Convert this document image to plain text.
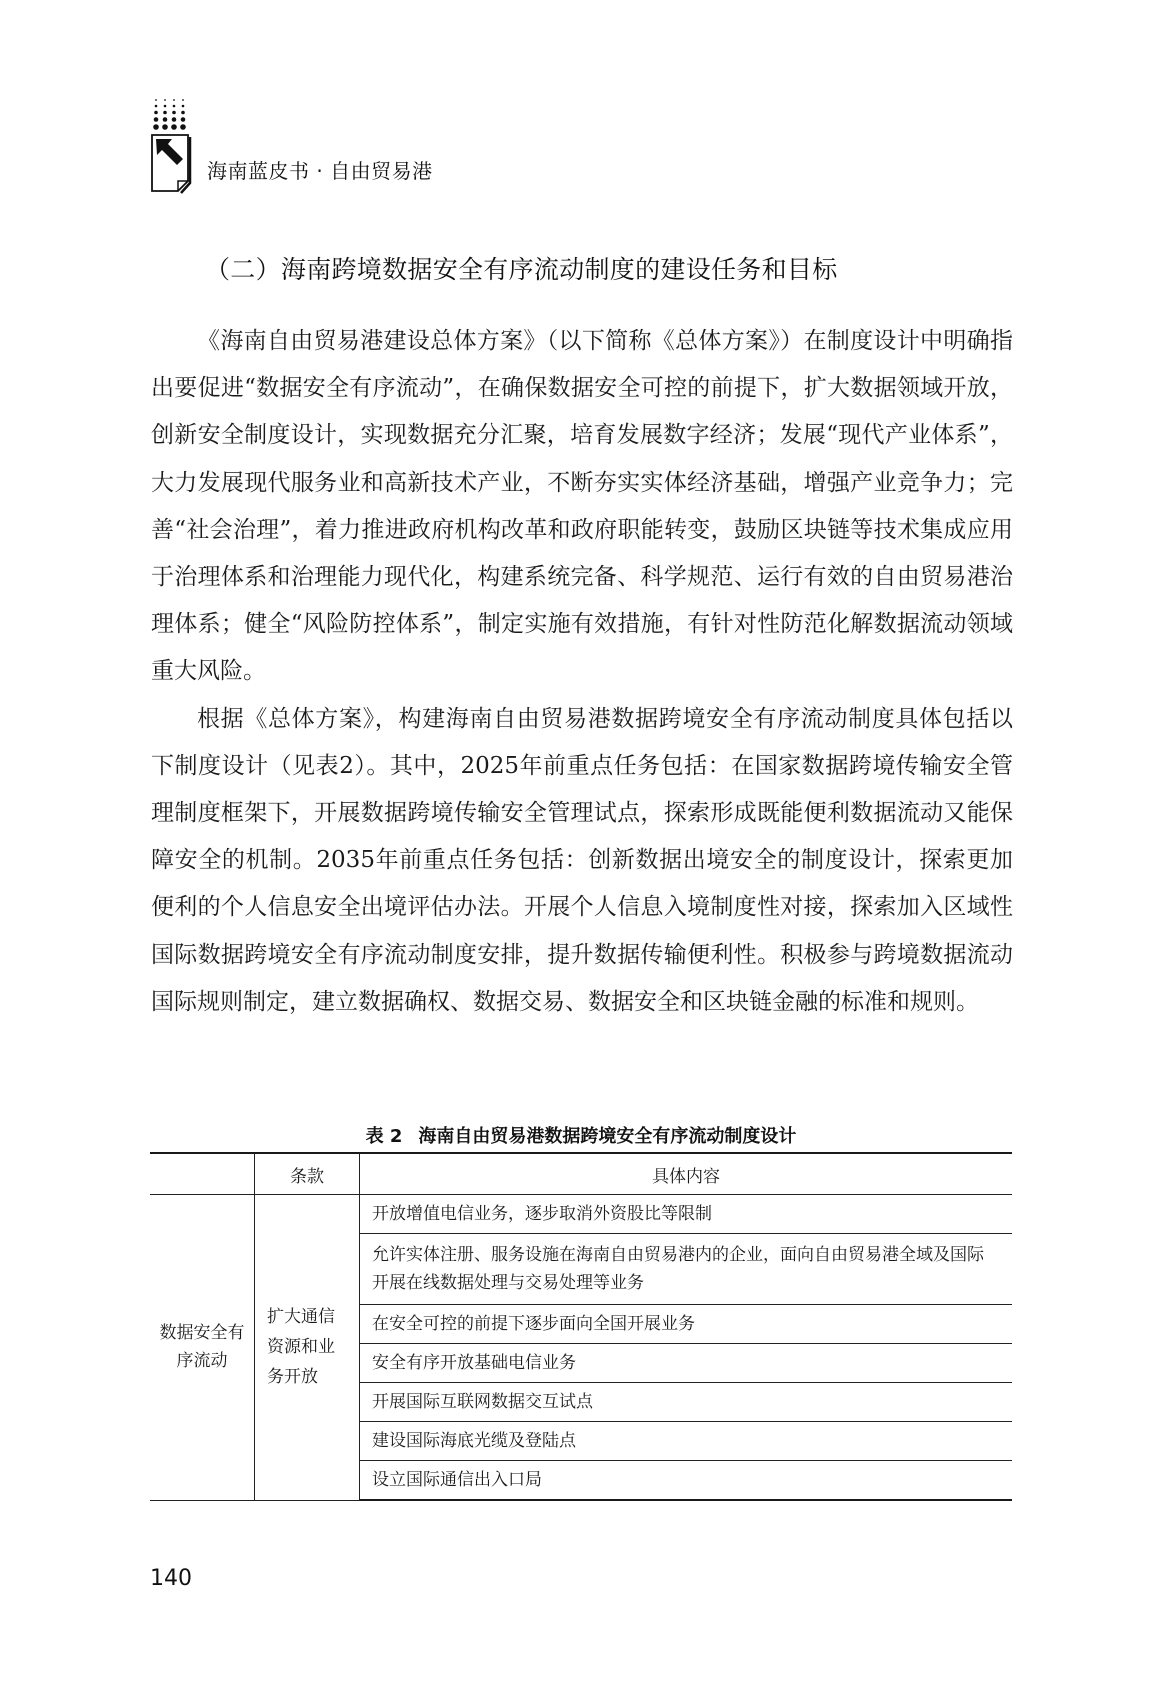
海南蓝皮书 · 自由贸易港
（二）海南跨境数据安全有序流动制度的建设任务和目标

《海南自由贸易港建设总体方案》（以下简称《总体方案》）在制度设计中明确指出要促进“数据安全有序流动”，在确保数据安全可控的前提下，扩大数据领域开放，创新安全制度设计，实现数据充分汇聚，培育发展数字经济；发展“现代产业体系”，大力发展现代服务业和高新技术产业，不断夯实实体经济基础，增强产业竞争力；完善“社会治理”，着力推进政府机构改革和政府职能转变，鼓励区块链等技术集成应用于治理体系和治理能力现代化，构建系统完备、科学规范、运行有效的自由贸易港治理体系；健全“风险防控体系”，制定实施有效措施，有针对性防范化解数据流动领域重大风险。

根据《总体方案》，构建海南自由贸易港数据跨境安全有序流动制度具体包括以下制度设计（见表2）。其中，2025年前重点任务包括：在国家数据跨境传输安全管理制度框架下，开展数据跨境传输安全管理试点，探索形成既能便利数据流动又能保障安全的机制。2035年前重点任务包括：创新数据出境安全的制度设计，探索更加便利的个人信息安全出境评估办法。开展个人信息入境制度性对接，探索加入区域性国际数据跨境安全有序流动制度安排，提升数据传输便利性。积极参与跨境数据流动国际规则制定，建立数据确权、数据交易、数据安全和区块链金融的标准和规则。

表 2 海南自由贸易港数据跨境安全有序流动制度设计
	条款	具体内容
数据安全有序流动	扩大通信资源和业务开放	开放增值电信业务，逐步取消外资股比等限制
		允许实体注册、服务设施在海南自由贸易港内的企业，面向自由贸易港全域及国际开展在线数据处理与交易处理等业务
		在安全可控的前提下逐步面向全国开展业务
		安全有序开放基础电信业务
		开展国际互联网数据交互试点
		建设国际海底光缆及登陆点
		设立国际通信出入口局
140
